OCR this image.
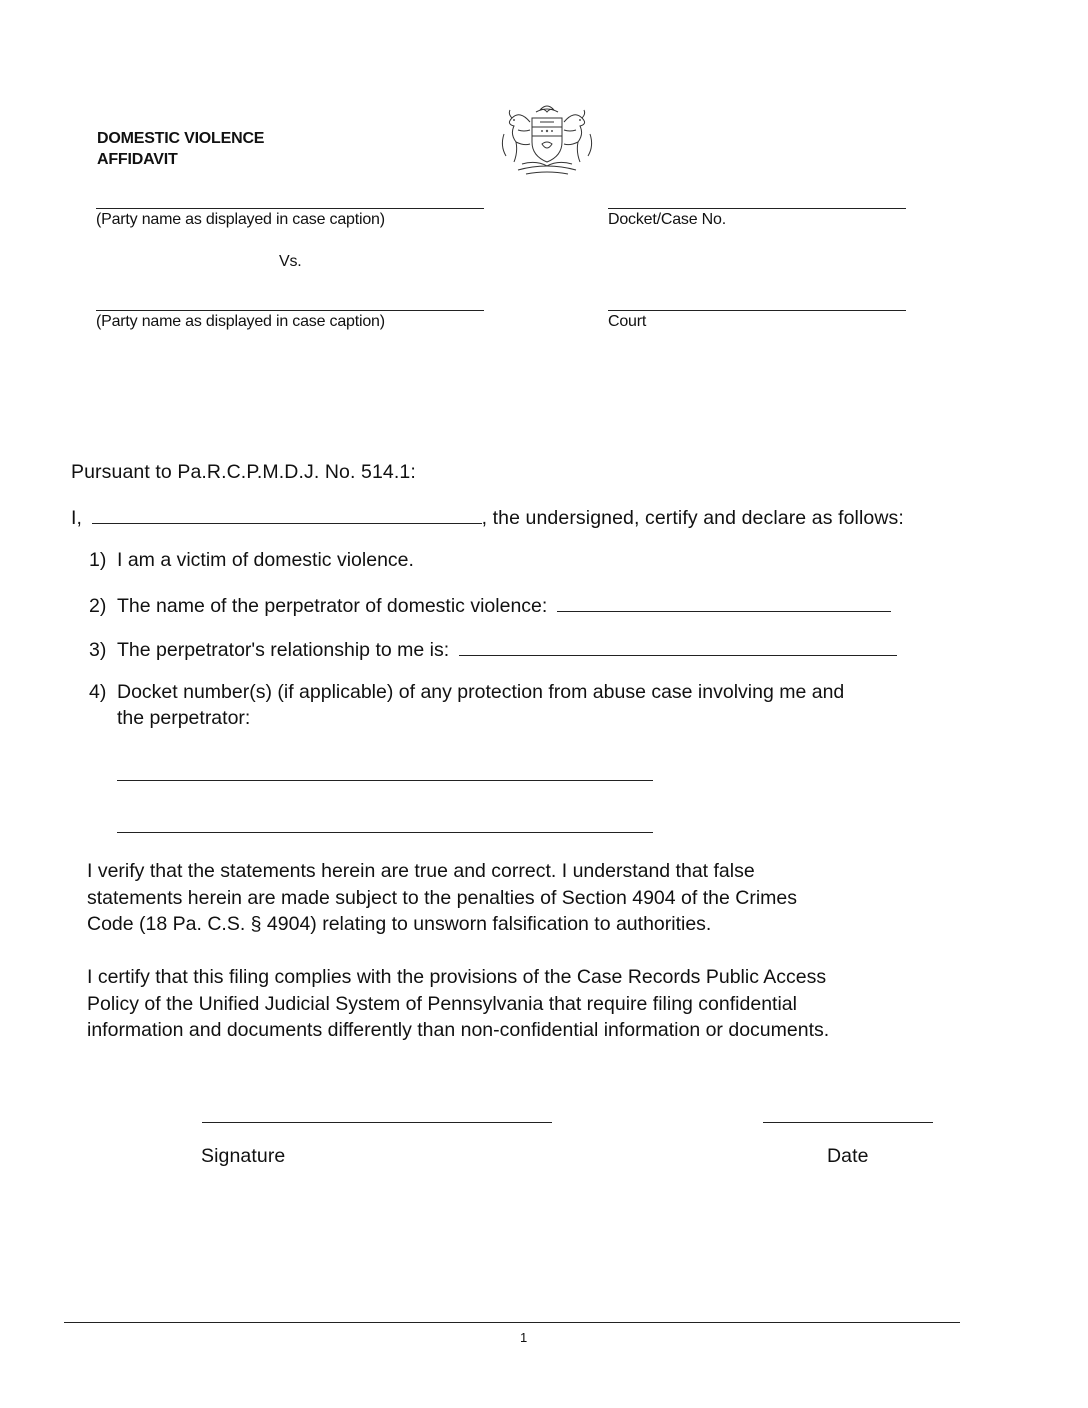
DOMESTIC VIOLENCE
AFFIDAVIT
(Party name as displayed in case caption)	Docket/Case No.
Vs.
(Party name as displayed in case caption)	Court
Pursuant to Pa.R.C.P.M.D.J. No. 514.1:
I,	, the undersigned, certify and declare as follows:
1) I am a victim of domestic violence.
2) The name of the perpetrator of domestic violence:
3) The perpetrator's relationship to me is:
4) Docket number(s) (if applicable) of any protection from abuse case involving me and
the perpetrator:
I verify that the statements herein are true and correct. I understand that false
statements herein are made subject to the penalties of Section 4904 of the Crimes
Code (18 Pa. C.S. § 4904) relating to unsworn falsification to authorities.
I certify that this filing complies with the provisions of the Case Records Public Access
Policy of the Unified Judicial System of Pennsylvania that require filing confidential
information and documents differently than non-confidential information or documents.
Signature	Date
1
